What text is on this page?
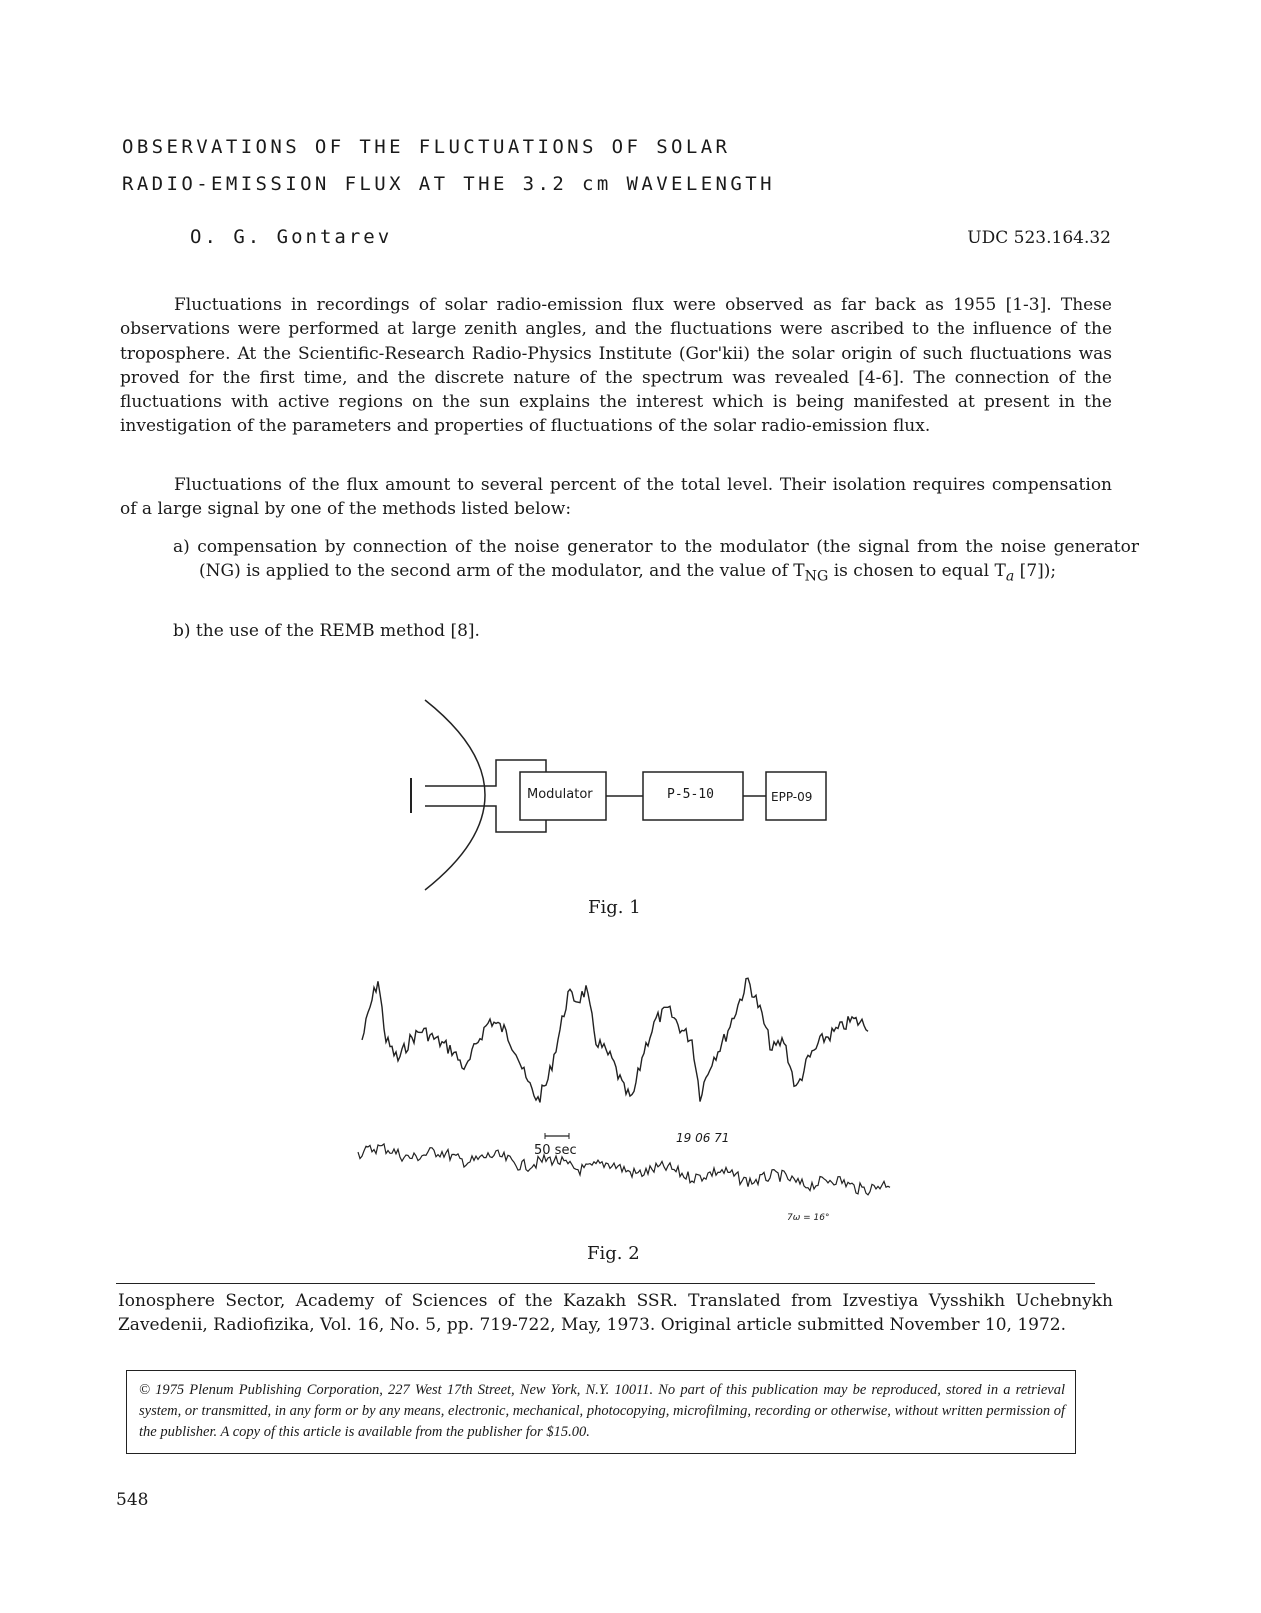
OBSERVATIONS OF THE FLUCTUATIONS OF SOLAR
RADIO-EMISSION FLUX AT THE 3.2 cm WAVELENGTH
O. G. Gontarev	UDC 523.164.32

Fluctuations in recordings of solar radio-emission flux were observed as far back as 1955 [1-3]. These observations were performed at large zenith angles, and the fluctuations were ascribed to the influence of the troposphere. At the Scientific-Research Radio-Physics Institute (Gor'kii) the solar origin of such fluctuations was proved for the first time, and the discrete nature of the spectrum was revealed [4-6]. The connection of the fluctuations with active regions on the sun explains the interest which is being manifested at present in the investigation of the parameters and properties of fluctuations of the solar radio-emission flux.

Fluctuations of the flux amount to several percent of the total level. Their isolation requires compensation of a large signal by one of the methods listed below:

a) compensation by connection of the noise generator to the modulator (the signal from the noise generator (NG) is applied to the second arm of the modulator, and the value of $T_{NG}$ is chosen to equal $T_a$ [7]);

b) the use of the REMB method [8].

Modulator	P-5-10	EPP-09
Fig. 1
50 sec
19 06 71
7ω = 16°
Fig. 2

Ionosphere Sector, Academy of Sciences of the Kazakh SSR. Translated from Izvestiya Vysshikh Uchebnykh Zavedenii, Radiofizika, Vol. 16, No. 5, pp. 719-722, May, 1973. Original article submitted November 10, 1972.

© 1975 Plenum Publishing Corporation, 227 West 17th Street, New York, N.Y. 10011. No part of this publication may be reproduced, stored in a retrieval system, or transmitted, in any form or by any means, electronic, mechanical, photocopying, microfilming, recording or otherwise, without written permission of the publisher. A copy of this article is available from the publisher for $15.00.
548
